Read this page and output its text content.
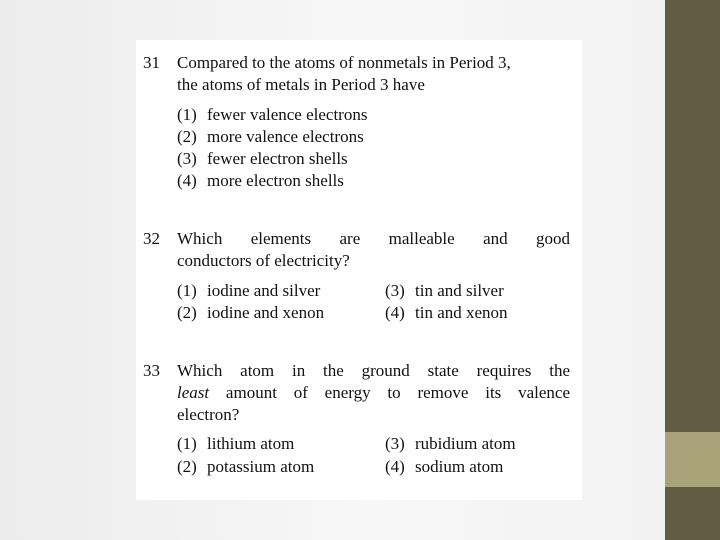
31 Compared to the atoms of nonmetals in Period 3,
the atoms of metals in Period 3 have
(1) fewer valence electrons
(2) more valence electrons
(3) fewer electron shells
(4) more electron shells
32 Which elements are malleable and good
conductors of electricity?
(1) iodine and silver
(2) iodine and xenon
(3) tin and silver
(4) tin and xenon
33 Which atom in the ground state requires the
least amount of energy to remove its valence
electron?
(1) lithium atom
(2) potassium atom
(3) rubidium atom
(4) sodium atom
